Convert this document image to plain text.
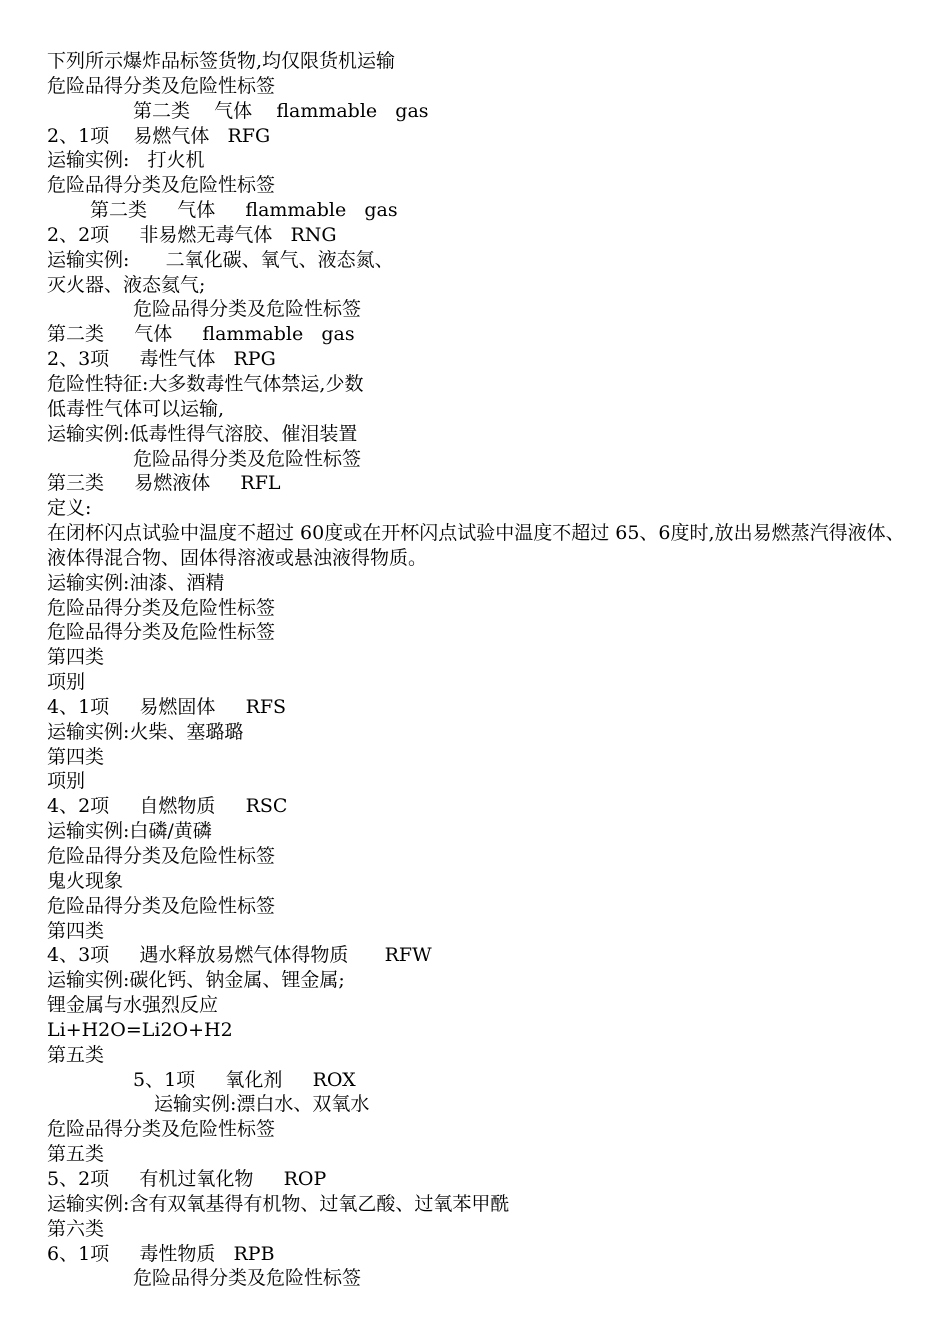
下列所示爆炸品标签货物,均仅限货机运输
危险品得分类及危险性标签
第二类    气体    flammable   gas
2、1项    易燃气体   RFG
运输实例:   打火机
危险品得分类及危险性标签
第二类     气体     flammable   gas
2、2项     非易燃无毒气体   RNG
运输实例:      二氧化碳、氧气、液态氮、
灭火器、液态氦气;
危险品得分类及危险性标签
第二类     气体     flammable   gas
2、3项     毒性气体   RPG
危险性特征:大多数毒性气体禁运,少数
低毒性气体可以运输,
运输实例:低毒性得气溶胶、催泪装置
危险品得分类及危险性标签
第三类     易燃液体     RFL
定义:
在闭杯闪点试验中温度不超过 60度或在开杯闪点试验中温度不超过 65、6度时,放出易燃蒸汽得液体、液体得混合物、固体得溶液或悬浊液得物质。
运输实例:油漆、酒精
危险品得分类及危险性标签
危险品得分类及危险性标签
第四类
项别
4、1项     易燃固体     RFS
运输实例:火柴、塞璐璐
第四类
项别
4、2项     自燃物质     RSC
运输实例:白磷/黄磷
危险品得分类及危险性标签
鬼火现象
危险品得分类及危险性标签
第四类
4、3项     遇水释放易燃气体得物质      RFW
运输实例:碳化钙、钠金属、锂金属;
锂金属与水强烈反应
Li+H2O=Li2O+H2
第五类
5、1项     氧化剂     ROX
运输实例:漂白水、双氧水
危险品得分类及危险性标签
第五类
5、2项     有机过氧化物     ROP
运输实例:含有双氧基得有机物、过氧乙酸、过氧苯甲酰
第六类
6、1项     毒性物质   RPB
危险品得分类及危险性标签
